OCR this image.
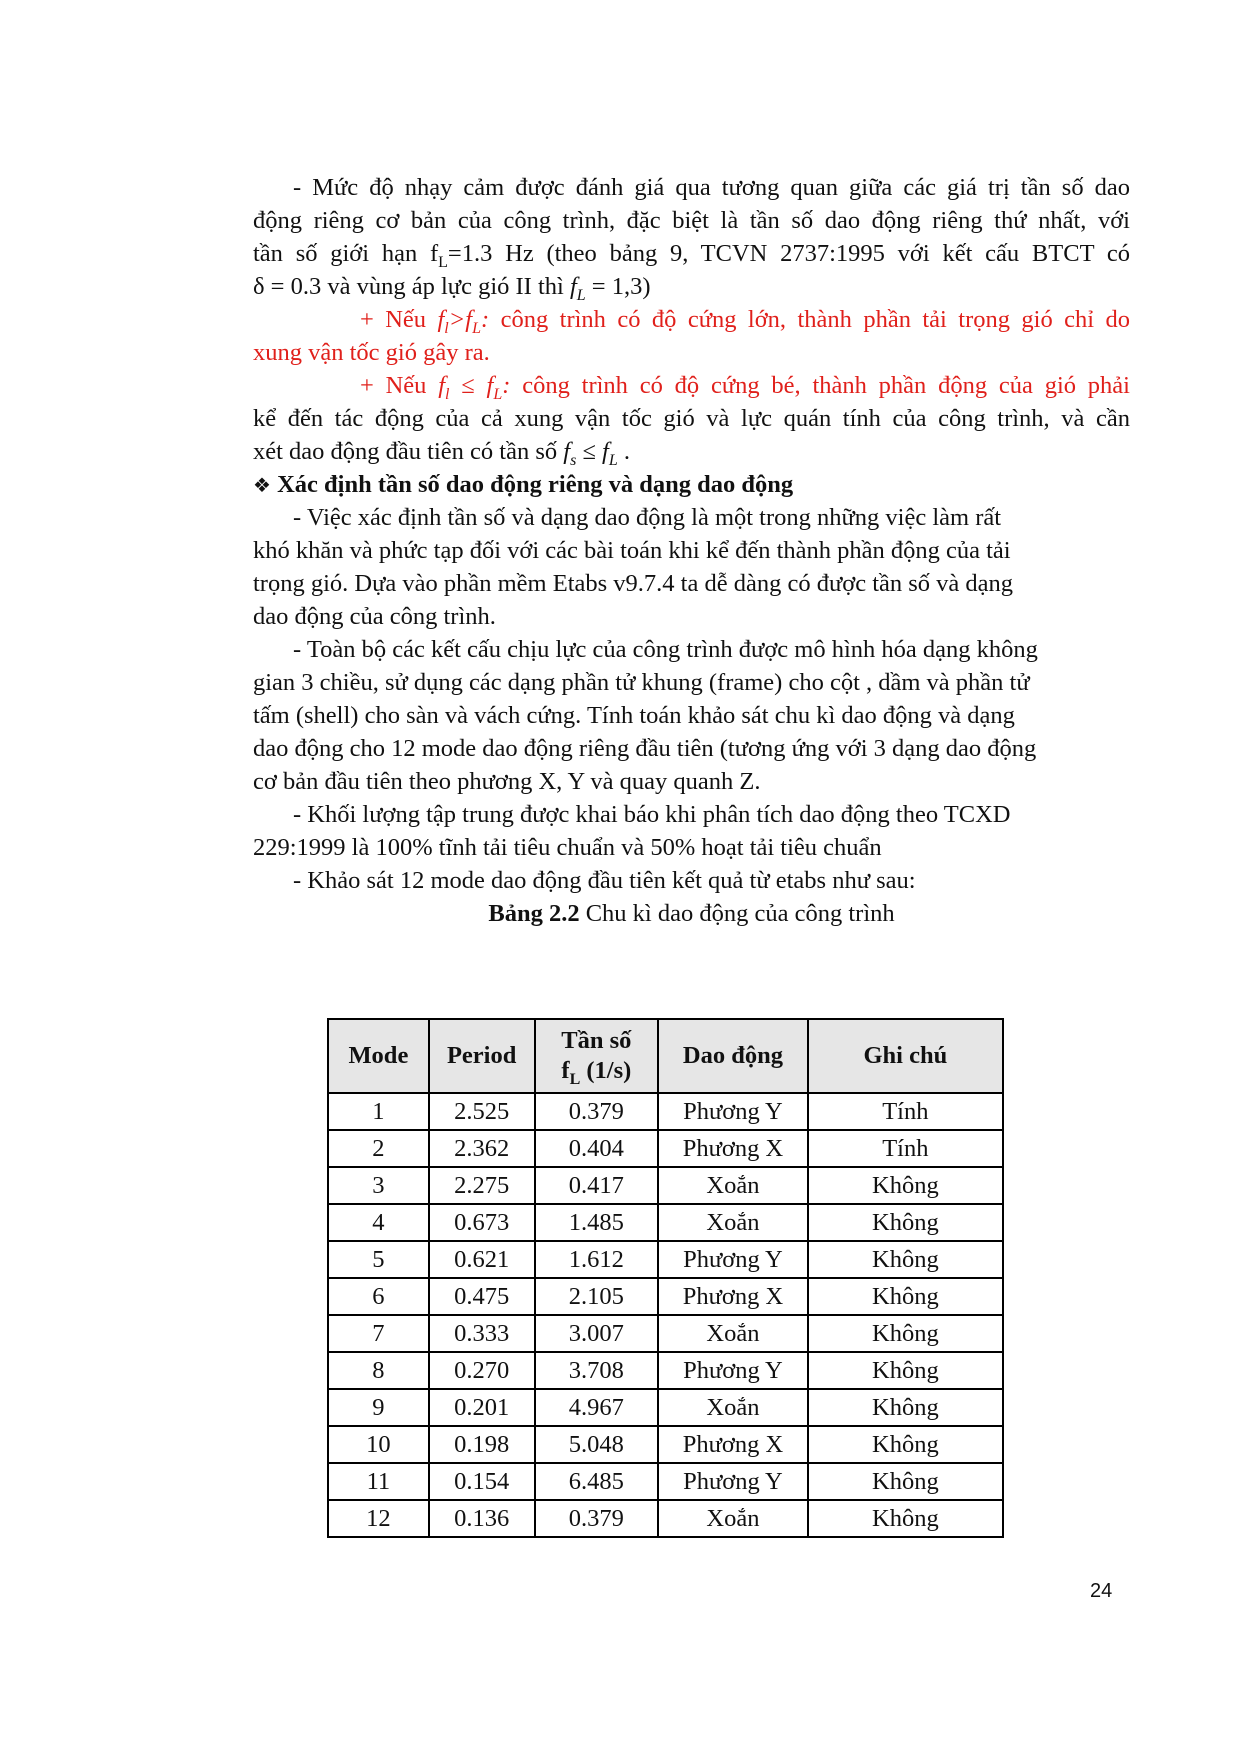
- Mức độ nhạy cảm được đánh giá qua tương quan giữa các giá trị tần số dao
động riêng cơ bản của công trình, đặc biệt là tần số dao động riêng thứ nhất, với
tần số giới hạn $f_L=1.3$ Hz (theo bảng 9, TCVN 2737:1995 với kết cấu BTCT có
δ = 0.3 và vùng áp lực gió II thì $f_L = 1,3$)
+ Nếu $f_l>f_L$: công trình có độ cứng lớn, thành phần tải trọng gió chỉ do
xung vận tốc gió gây ra.
+ Nếu $f_l \le f_L$: công trình có độ cứng bé, thành phần động của gió phải
kể đến tác động của cả xung vận tốc gió và lực quán tính của công trình, và cần
xét dao động đầu tiên có tần số $f_s \le f_L$ .
❖ Xác định tần số dao động riêng và dạng dao động
- Việc xác định tần số và dạng dao động là một trong những việc làm rất
khó khăn và phức tạp đối với các bài toán khi kể đến thành phần động của tải
trọng gió. Dựa vào phần mềm Etabs v9.7.4 ta dễ dàng có được tần số và dạng
dao động của công trình.
- Toàn bộ các kết cấu chịu lực của công trình được mô hình hóa dạng không
gian 3 chiều, sử dụng các dạng phần tử khung (frame) cho cột , dầm và phần tử
tấm (shell) cho sàn và vách cứng. Tính toán khảo sát chu kì dao động và dạng
dao động cho 12 mode dao động riêng đầu tiên (tương ứng với 3 dạng dao động
cơ bản đầu tiên theo phương X, Y và quay quanh Z.
- Khối lượng tập trung được khai báo khi phân tích dao động theo TCXD
229:1999 là 100% tĩnh tải tiêu chuẩn và 50% hoạt tải tiêu chuẩn
- Khảo sát 12 mode dao động đầu tiên kết quả từ etabs như sau:
Bảng 2.2 Chu kì dao động của công trình
Mode	Period	Tần số
$f_L$ (1/s)	Dao động	Ghi chú
1	2.525	0.379	Phương Y	Tính
2	2.362	0.404	Phương X	Tính
3	2.275	0.417	Xoắn	Không
4	0.673	1.485	Xoắn	Không
5	0.621	1.612	Phương Y	Không
6	0.475	2.105	Phương X	Không
7	0.333	3.007	Xoắn	Không
8	0.270	3.708	Phương Y	Không
9	0.201	4.967	Xoắn	Không
10	0.198	5.048	Phương X	Không
11	0.154	6.485	Phương Y	Không
12	0.136	0.379	Xoắn	Không
24
